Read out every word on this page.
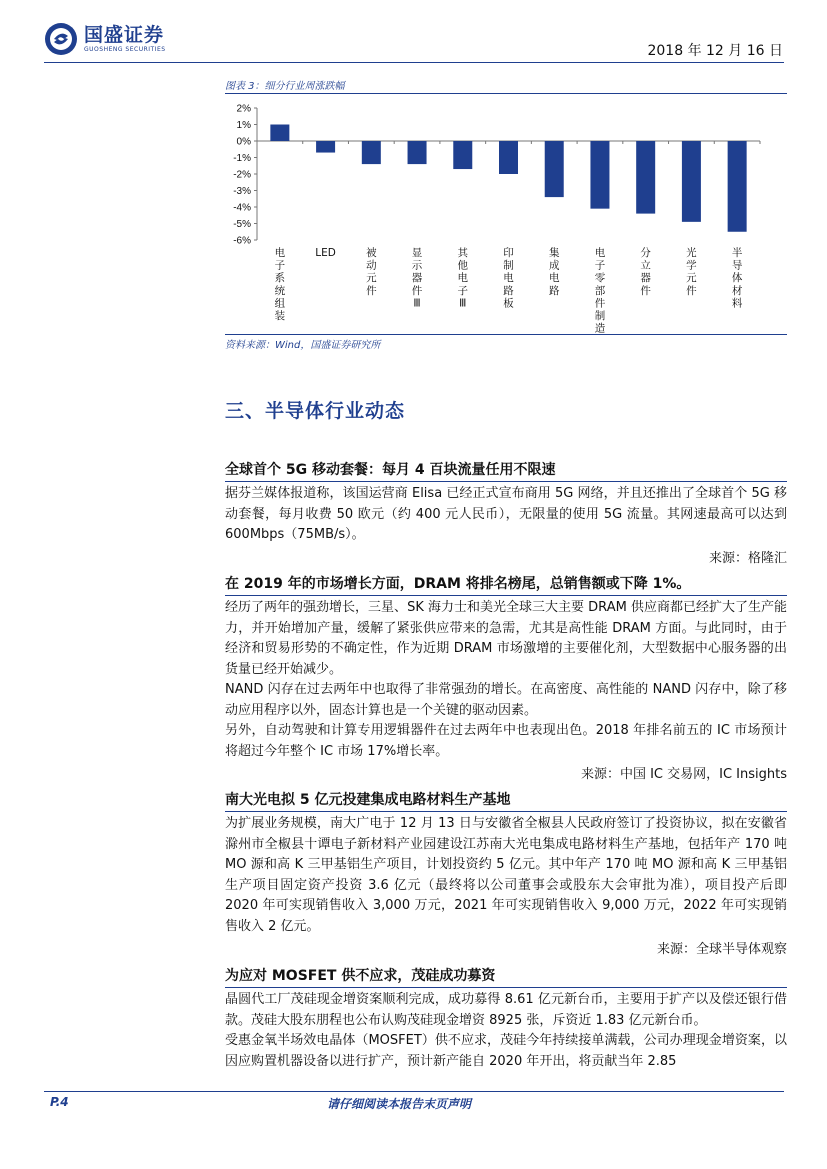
国盛证券
GUOSHENG SECURITIES	2018 年 12 月 16 日
图表 3：细分行业周涨跌幅
2%
1%
0%
-1%
-2%
-3%
-4%
-5%
-6%
电子系统组装
LED	被动元件
显示器件 Ⅲ
其他电子 Ⅲ
印制电路板
集成电路
电子零部件制造
分立器件
光学元件
半导体材料
资料来源：Wind，国盛证券研究所
三、半导体行业动态
全球首个 5G 移动套餐：每月 4 百块流量任用不限速

据芬兰媒体报道称，该国运营商 Elisa 已经正式宣布商用 5G 网络，并且还推出了全球首个 5G 移动套餐，每月收费 50 欧元（约 400 元人民币），无限量的使用 5G 流量。其网速最高可以达到 600Mbps（75MB/s）。

来源：格隆汇
在 2019 年的市场增长方面，DRAM 将排名榜尾，总销售额或下降 1%。

经历了两年的强劲增长，三星、SK 海力士和美光全球三大主要 DRAM 供应商都已经扩大了生产能力，并开始增加产量，缓解了紧张供应带来的急需，尤其是高性能 DRAM 方面。与此同时，由于经济和贸易形势的不确定性，作为近期 DRAM 市场激增的主要催化剂，大型数据中心服务器的出货量已经开始减少。

NAND 闪存在过去两年中也取得了非常强劲的增长。在高密度、高性能的 NAND 闪存中，除了移动应用程序以外，固态计算也是一个关键的驱动因素。

另外，自动驾驶和计算专用逻辑器件在过去两年中也表现出色。2018 年排名前五的 IC 市场预计将超过今年整个 IC 市场 17%增长率。

来源：中国 IC 交易网，IC Insights
南大光电拟 5 亿元投建集成电路材料生产基地

为扩展业务规模，南大广电于 12 月 13 日与安徽省全椒县人民政府签订了投资协议，拟在安徽省滁州市全椒县十谭电子新材料产业园建设江苏南大光电集成电路材料生产基地，包括年产 170 吨 MO 源和高 K 三甲基铝生产项目，计划投资约 5 亿元。其中年产 170 吨 MO 源和高 K 三甲基铝生产项目固定资产投资 3.6 亿元（最终将以公司董事会或股东大会审批为准），项目投产后即 2020 年可实现销售收入 3,000 万元，2021 年可实现销售收入 9,000 万元，2022 年可实现销售收入 2 亿元。

来源：全球半导体观察
为应对 MOSFET 供不应求，茂硅成功募资

晶圆代工厂茂硅现金增资案顺利完成，成功募得 8.61 亿元新台币，主要用于扩产以及偿还银行借款。茂硅大股东朋程也公布认购茂硅现金增资 8925 张，斥资近 1.83 亿元新台币。

受惠金氧半场效电晶体（MOSFET）供不应求，茂硅今年持续接单满载，公司办理现金增资案，以因应购置机器设备以进行扩产，预计新产能自 2020 年开出，将贡献当年 2.85

P.4	请仔细阅读本报告末页声明
